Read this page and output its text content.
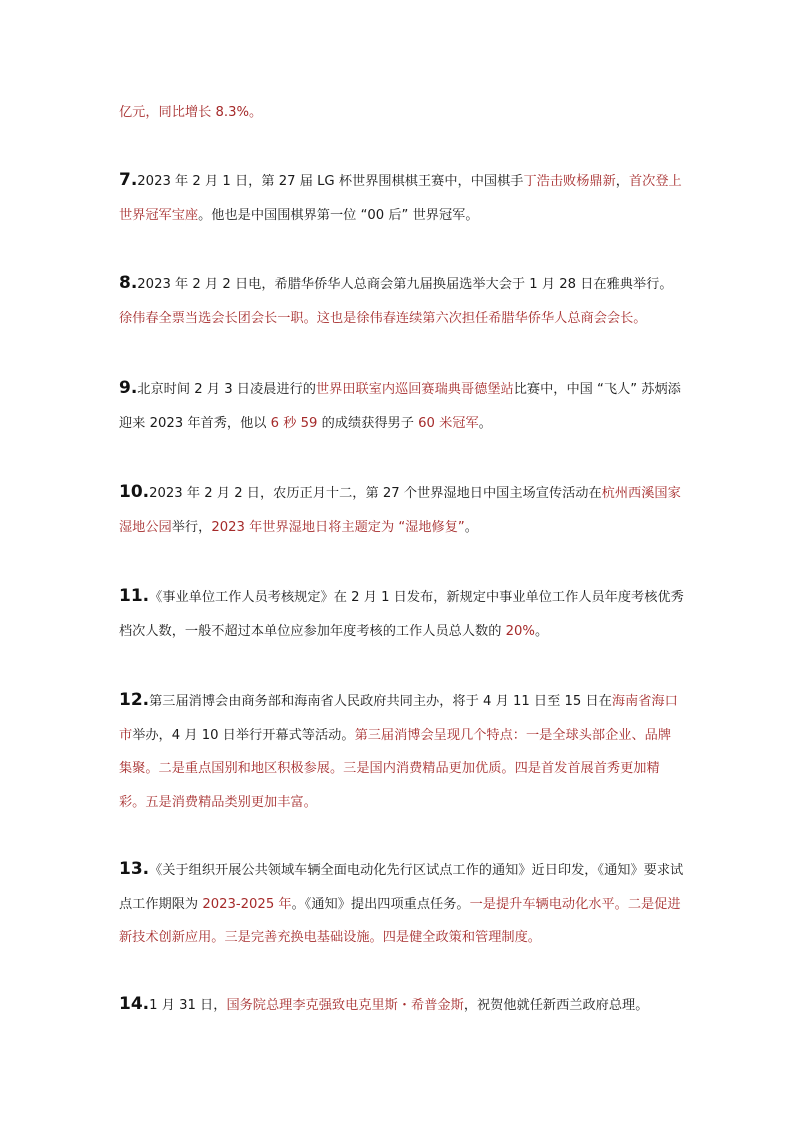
亿元，同比增长 8.3%。

7.2023 年 2 月 1 日，第 27 届 LG 杯世界围棋棋王赛中，中国棋手丁浩击败杨鼎新，首次登上世界冠军宝座。他也是中国围棋界第一位 “00 后” 世界冠军。

8.2023 年 2 月 2 日电，希腊华侨华人总商会第九届换届选举大会于 1 月 28 日在雅典举行。徐伟春全票当选会长团会长一职。这也是徐伟春连续第六次担任希腊华侨华人总商会会长。

9.北京时间 2 月 3 日凌晨进行的世界田联室内巡回赛瑞典哥德堡站比赛中，中国 “飞人” 苏炳添迎来 2023 年首秀，他以 6 秒 59 的成绩获得男子 60 米冠军。

10.2023 年 2 月 2 日，农历正月十二，第 27 个世界湿地日中国主场宣传活动在杭州西溪国家湿地公园举行，2023 年世界湿地日将主题定为 “湿地修复”。

11.《事业单位工作人员考核规定》在 2 月 1 日发布，新规定中事业单位工作人员年度考核优秀档次人数，一般不超过本单位应参加年度考核的工作人员总人数的 20%。

12.第三届消博会由商务部和海南省人民政府共同主办，将于 4 月 11 日至 15 日在海南省海口市举办，4 月 10 日举行开幕式等活动。第三届消博会呈现几个特点：一是全球头部企业、品牌集聚。二是重点国别和地区积极参展。三是国内消费精品更加优质。四是首发首展首秀更加精彩。五是消费精品类别更加丰富。

13.《关于组织开展公共领域车辆全面电动化先行区试点工作的通知》近日印发，《通知》要求试点工作期限为 2023-2025 年。《通知》提出四项重点任务。一是提升车辆电动化水平。二是促进新技术创新应用。三是完善充换电基础设施。四是健全政策和管理制度。

14.1 月 31 日，国务院总理李克强致电克里斯・希普金斯，祝贺他就任新西兰政府总理。
